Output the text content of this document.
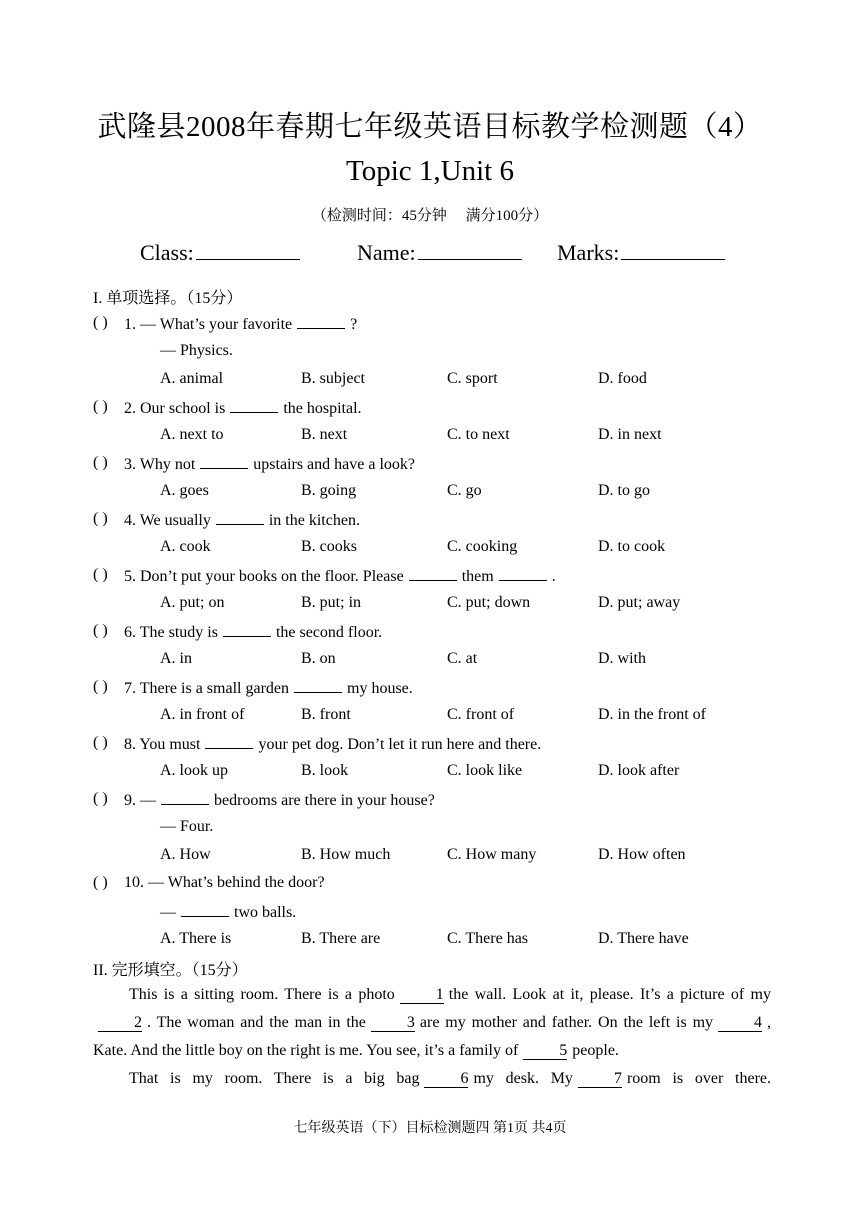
武隆县2008年春期七年级英语目标教学检测题（4）
Topic 1,Unit 6
（检测时间：45分钟　 满分100分）
Class:	Name:	Marks:
I. 单项选择。（15分）
( ) 1. — What’s your favorite	?
— Physics.
A. animal	B. subject	C. sport	D. food
( ) 2. Our school is	the hospital.
A. next to	B. next	C. to next	D. in next
( ) 3. Why not	upstairs and have a look?
A. goes	B. going	C. go	D. to go
( ) 4. We usually	in the kitchen.
A. cook	B. cooks	C. cooking	D. to cook
( ) 5. Don’t put your books on the floor. Please	them	.
A. put; on	B. put; in	C. put; down	D. put; away
( ) 6. The study is	the second floor.
A. in	B. on	C. at	D. with
( ) 7. There is a small garden	my house.
A. in front of	B. front	C. front of	D. in the front of
( ) 8. You must	your pet dog. Don’t let it run here and there.
A. look up	B. look	C. look like	D. look after
( ) 9. —	bedrooms are there in your house?
— Four.
A. How	B. How much	C. How many	D. How often
( ) 10. — What’s behind the door?
—	two balls.
A. There is	B. There are	C. There has	D. There have
II. 完形填空。（15分）
This is a sitting room. There is a photo	1 the wall. Look at it, please. It’s a picture of my2 . The woman and the man in the	3 are my mother and father. On the left is my	4 , Kate. And the little boy on the right is me. You see, it’s a family of	5 people.
That is my room. There is a big bag	6 my desk. My	7 room is over there.
七年级英语（下）目标检测题四 第1页 共4页
